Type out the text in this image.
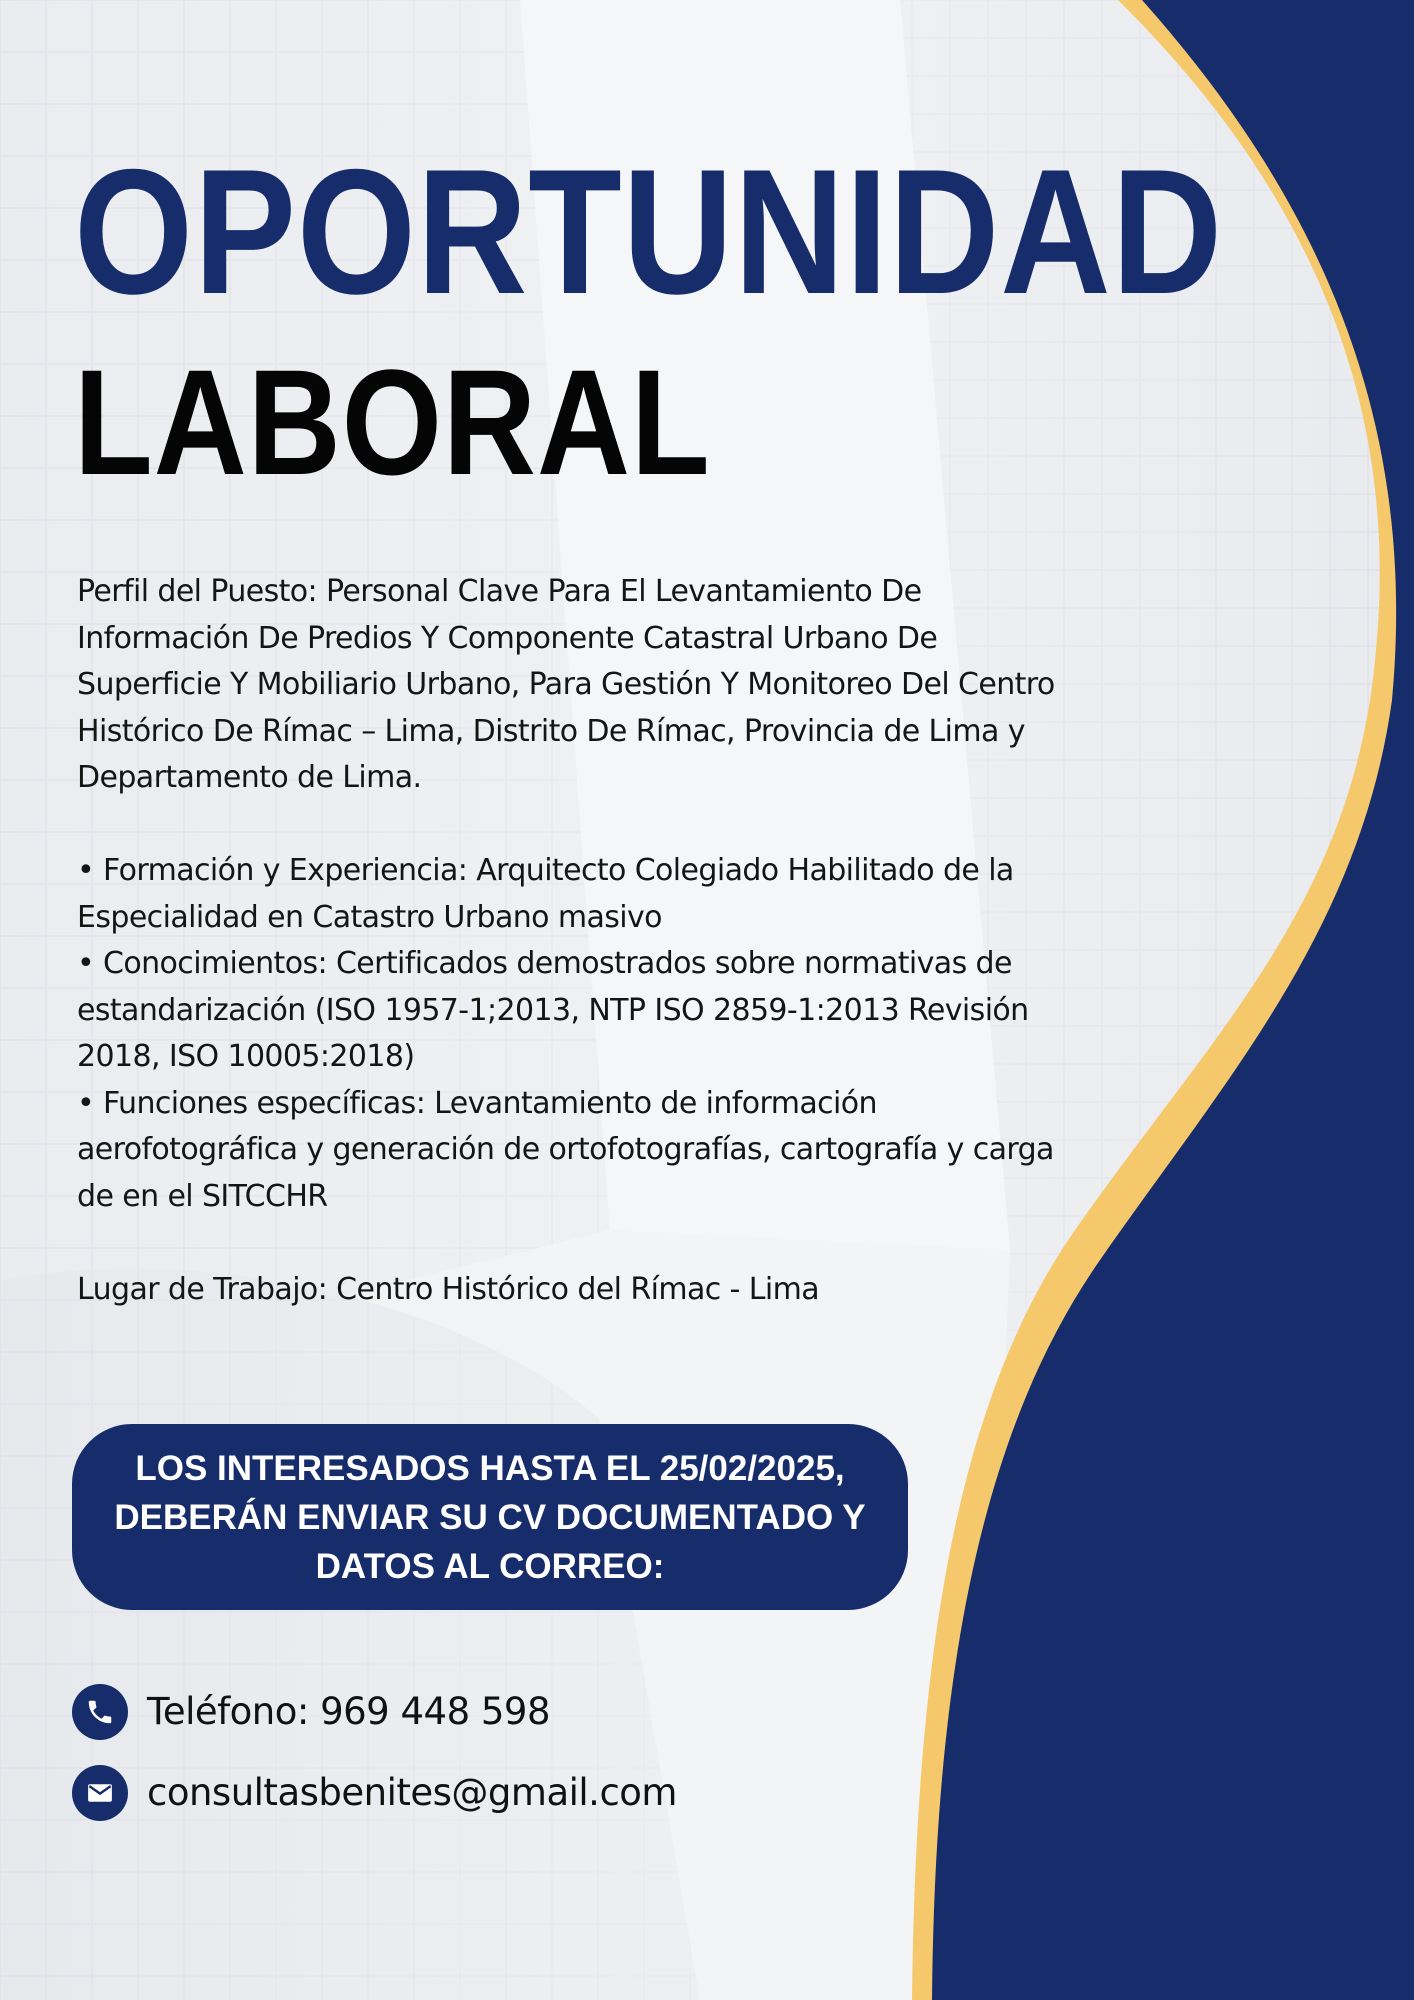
OPORTUNIDAD
LABORAL

Perfil del Puesto: Personal Clave Para El Levantamiento De Información De Predios Y Componente Catastral Urbano De Superficie Y Mobiliario Urbano, Para Gestión Y Monitoreo Del Centro Histórico De Rímac – Lima, Distrito De Rímac, Provincia de Lima y Departamento de Lima.

• Formación y Experiencia: Arquitecto Colegiado Habilitado de la Especialidad en Catastro Urbano masivo

• Conocimientos: Certificados demostrados sobre normativas de estandarización (ISO 1957-1;2013, NTP ISO 2859-1:2013 Revisión 2018, ISO 10005:2018)

• Funciones específicas: Levantamiento de información aerofotográfica y generación de ortofotografías, cartografía y carga de en el SITCCHR

Lugar de Trabajo: Centro Histórico del Rímac - Lima

LOS INTERESADOS HASTA EL 25/02/2025, DEBERÁN ENVIAR SU CV DOCUMENTADO Y DATOS AL CORREO:

Teléfono: 969 448 598
consultasbenites@gmail.com
